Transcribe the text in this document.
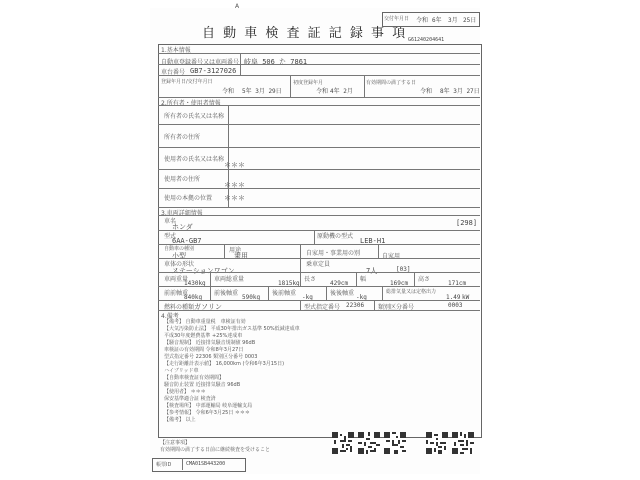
A
自 動 車 検 査 証 記 録 事 項
交付年月日 令和 6年 3月 25日
G61240204641
1.基本情報
自動車登録番号又は車両番号 岐阜 506 た 7861
車台番号 GB7-3127026
登録年月日/交付年月日
令和 5年 3月 29日
初度登録年月
令和 4年 2月
有効期間の満了する日
令和 8年 3月 27日
2.所有者・使用者情報
所有者の氏名又は名称
所有者の住所
使用者の氏名又は名称
＊＊＊
使用者の住所
＊＊＊
使用の本拠の位置 ＊＊＊
3.車両詳細情報
車名
ホンダ	[298]
型式
6AA-GB7
原動機の型式
LEB-H1
自動車の種別
小型
用途
乗用	自家用・事業用の別	自家用
車体の形状
ステーションワゴン
乗車定員
7人	[03]
車両重量
1430kg
車両総重量
1815kg
長さ
429cm
幅
169cm
高さ
171cm
前前軸重
840kg
前後軸重
590kg
後前軸重
-kg
後後軸重
-kg
総排気量又は定格出力
1.49 kW
燃料の種類 ガソリン	型式指定番号 22306 類別区分番号	0003
4.備考
【備考】 自動車重量税　車検証有効
【大気汚染防止法】 平成30年排出ガス基準 50%低減達成車
平成30年度燃費基準 +25%達成車
【騒音規制】 近接排気騒音規制値 96dB
車検証の有効期間 令和8年3月27日
型式指定番号 22306 類別区分番号 0003
【走行距離計表示値】 16,000km (令和6年3月15日)
ハイブリッド車
【自動車検査証有効期間】
騒音防止装置 近接排気騒音 96dB
【使用者】 ＊＊＊
保安基準適合証 検査済
【検査場所】 中部運輸局 岐阜運輸支局
【参考情報】 令和6年3月25日 ＊＊＊
【備考】 以上
【注意事項】
有効期間の満了する日前に継続検査を受けること
帳票ID	CMA01SB443200
